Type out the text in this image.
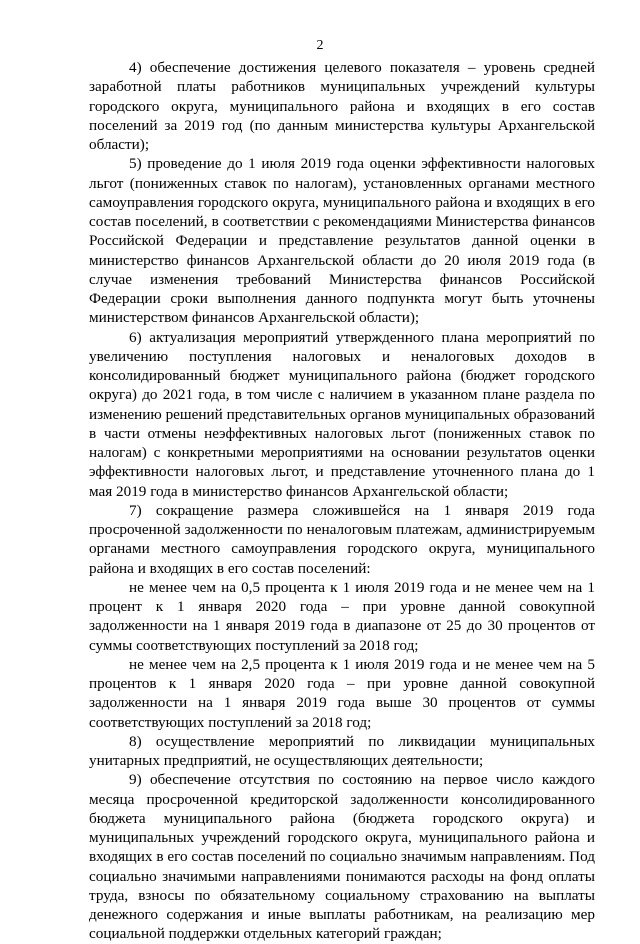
2

4) обеспечение достижения целевого показателя – уровень средней заработной платы работников муниципальных учреждений культуры городского округа, муниципального района и входящих в его состав поселений за 2019 год (по данным министерства культуры Архангельской области);

5) проведение до 1 июля 2019 года оценки эффективности налоговых льгот (пониженных ставок по налогам), установленных органами местного самоуправления городского округа, муниципального района и входящих в его состав поселений, в соответствии с рекомендациями Министерства финансов Российской Федерации и представление результатов данной оценки в министерство финансов Архангельской области до 20 июля 2019 года (в случае изменения требований Министерства финансов Российской Федерации сроки выполнения данного подпункта могут быть уточнены министерством финансов Архангельской области);

6) актуализация мероприятий утвержденного плана мероприятий по увеличению поступления налоговых и неналоговых доходов в консолидированный бюджет муниципального района (бюджет городского округа) до 2021 года, в том числе с наличием в указанном плане раздела по изменению решений представительных органов муниципальных образований в части отмены неэффективных налоговых льгот (пониженных ставок по налогам) с конкретными мероприятиями на основании результатов оценки эффективности налоговых льгот, и представление уточненного плана до 1 мая 2019 года в министерство финансов Архангельской области;

7) сокращение размера сложившейся на 1 января 2019 года просроченной задолженности по неналоговым платежам, администрируемым органами местного самоуправления городского округа, муниципального района и входящих в его состав поселений:

не менее чем на 0,5 процента к 1 июля 2019 года и не менее чем на 1 процент к 1 января 2020 года – при уровне данной совокупной задолженности на 1 января 2019 года в диапазоне от 25 до 30 процентов от суммы соответствующих поступлений за 2018 год;

не менее чем на 2,5 процента к 1 июля 2019 года и не менее чем на 5 процентов к 1 января 2020 года – при уровне данной совокупной задолженности на 1 января 2019 года выше 30 процентов от суммы соответствующих поступлений за 2018 год;

8) осуществление мероприятий по ликвидации муниципальных унитарных предприятий, не осуществляющих деятельности;

9) обеспечение отсутствия по состоянию на первое число каждого месяца просроченной кредиторской задолженности консолидированного бюджета муниципального района (бюджета городского округа) и муниципальных учреждений городского округа, муниципального района и входящих в его состав поселений по социально значимым направлениям. Под социально значимыми направлениями понимаются расходы на фонд оплаты труда, взносы по обязательному социальному страхованию на выплаты денежного содержания и иные выплаты работникам, на реализацию мер социальной поддержки отдельных категорий граждан;
